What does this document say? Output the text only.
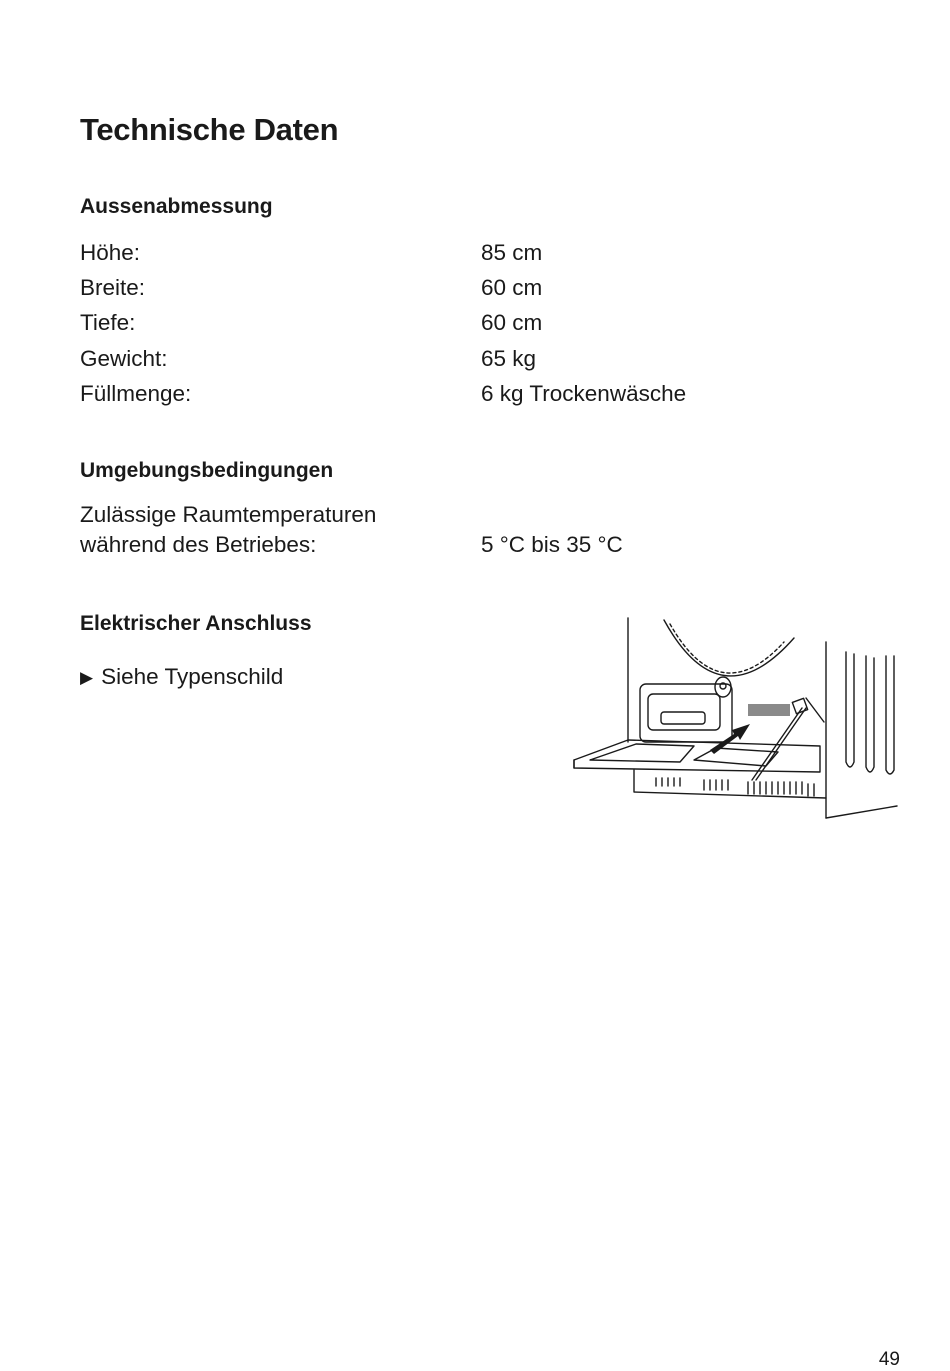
Technische Daten
Aussenabmessung
Höhe:	85 cm
Breite:	60 cm
Tiefe:	60 cm
Gewicht:	65 kg
Füllmenge:	6 kg Trockenwäsche
Umgebungsbedingungen
Zulässige Raumtemperaturen
während des Betriebes:	5 °C bis 35 °C
Elektrischer Anschluss
▶ Siehe Typenschild
49
